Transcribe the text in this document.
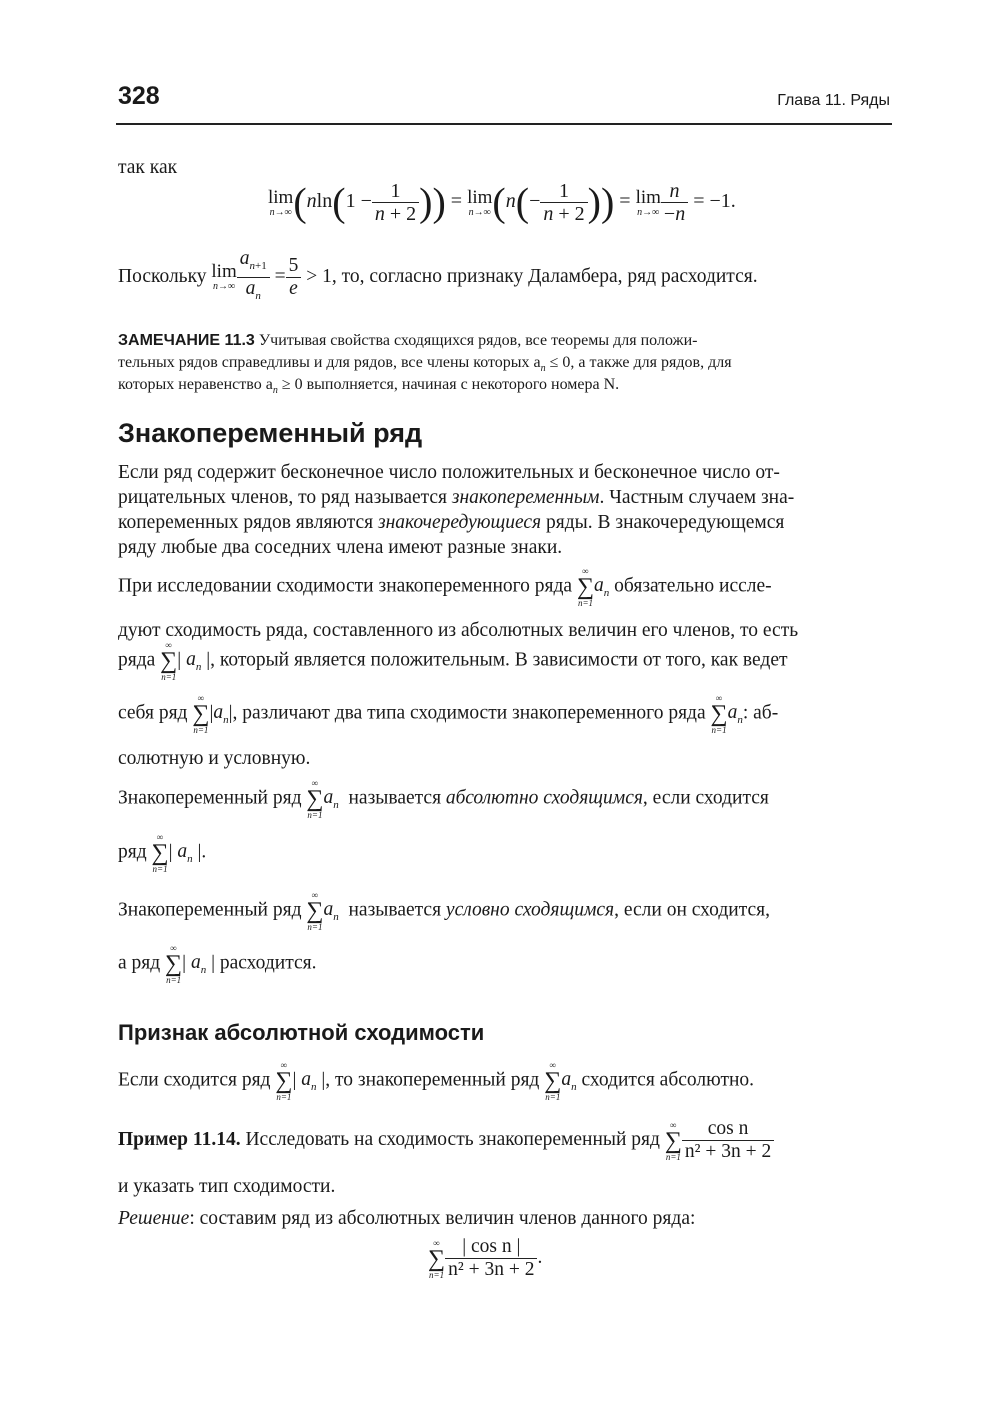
328	Глава 11. Ряды
так как
lim
n→∞ ($nln(1 - \frac{1}{n + 2}$ )) = lim
n→∞ ($n(- \frac{1}{n + 2}$ )) = lim
$n\to\infty \frac{n}{-n} = -1$.
Поскольку lim
$n\to\infty \frac{a_{n+1}}{a_n} = \frac{5}{e} > 1$, то, согласно признаку Даламбера, ряд расходится.
ЗАМЕЧАНИЕ 11.3 Учитывая свойства сходящихся рядов, все теоремы для положи-
тельных рядов справедливы и для рядов, все члены которых $a_n \le 0$, а также для рядов, для
которых неравенство $a_n \ge 0$ выполняется, начиная с некоторого номера N.
Знакопеременный ряд
Если ряд содержит бесконечное число положительных и бесконечное число от-
рицательных членов, то ряд называется знакопеременным. Частным случаем зна-
копеременных рядов являются знакочередующиеся ряды. В знакочередующемся
ряду любые два соседних члена имеют разные знаки.
При исследовании сходимости знакопеременного ряда
∞
∑
n=1
$a_n$ обязательно иссле-
дуют сходимость ряда, составленного из абсолютных величин его членов, то есть
ряда
∞
∑
n=1
| $a_n$ |, который является положительным. В зависимости от того, как ведет
себя ряд
∞
∑
n=1
$|a_n|$, различают два типа сходимости знакопеременного ряда
∞
∑
n=1
$a_n$: аб-
солютную и условную.
Знакопеременный ряд
∞
∑
n=1
$a_n$ называется абсолютно сходящимся, если сходится
ряд
∞
∑
n=1
| $a_n$ |.
Знакопеременный ряд
∞
∑
n=1
$a_n$ называется условно сходящимся, если он сходится,
а ряд
∞
∑
n=1
| $a_n$ | расходится.
Признак абсолютной сходимости
Если сходится ряд
∞
∑
n=1
| $a_n$ |, то знакопеременный ряд
∞
∑
n=1
$a_n$ сходится абсолютно.
Пример 11.14. Исследовать на сходимость знакопеременный ряд
∞
∑
$n=1 \frac{\text{cos n}}{\text{n² + 3n + 2}}$
и указать тип сходимости.
Решение: составим ряд из абсолютных величин членов данного ряда:
∞
∑
$n=1 \frac{\text{| cos n |}}{\text{n² + 3n + 2}}$ .
